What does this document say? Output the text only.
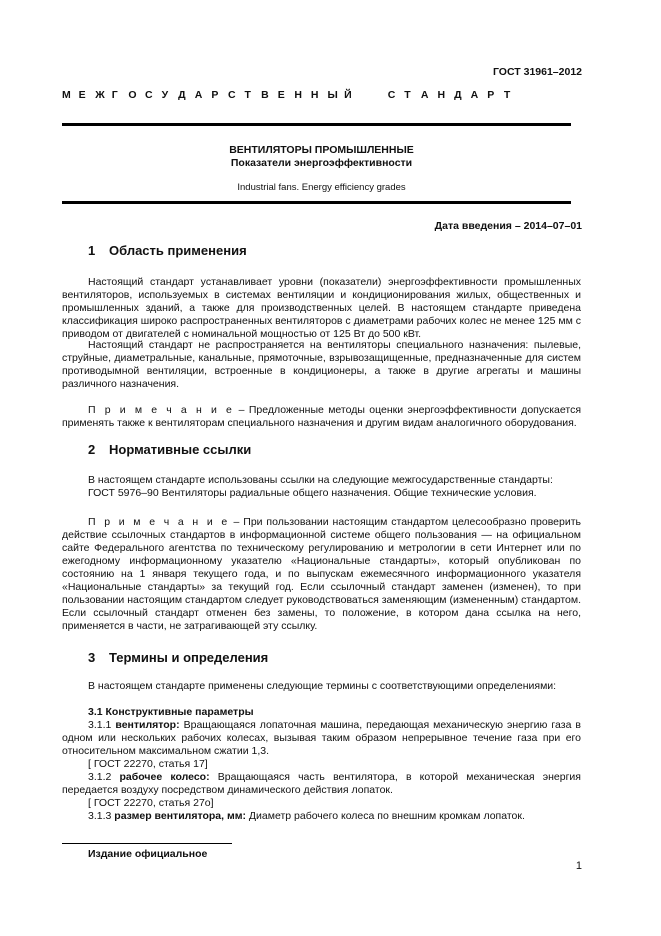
ГОСТ 31961–2012
М Е Ж Г О С У Д А Р С Т В Е Н Н Ы Й	С Т А Н Д А Р Т
ВЕНТИЛЯТОРЫ ПРОМЫШЛЕННЫЕ
Показатели энергоэффективности
Industrial fans. Energy efficiency grades
Дата введения – 2014–07–01
1 Область применения
Настоящий стандарт устанавливает уровни (показатели) энергоэффективности промышленных вентиляторов, используемых в системах вентиляции и кондиционирования жилых, общественных и промышленных зданий, а также для производственных целей. В настоящем стандарте приведена классификация широко распространенных вентиляторов с диаметрами рабочих колес не менее 125 мм с приводом от двигателей с номинальной мощностью от 125 Вт до 500 кВт.
Настоящий стандарт не распространяется на вентиляторы специального назначения: пылевые, струйные, диаметральные, канальные, прямоточные, взрывозащищенные, предназначенные для систем противодымной вентиляции, встроенные в кондиционеры, а также в другие агрегаты и машины различного назначения.
П р и м е ч а н и е – Предложенные методы оценки энергоэффективности допускается применять также к вентиляторам специального назначения и другим видам аналогичного оборудования.
2 Нормативные ссылки
В настоящем стандарте использованы ссылки на следующие межгосударственные стандарты:
ГОСТ 5976–90 Вентиляторы радиальные общего назначения. Общие технические условия.
П р и м е ч а н и е – При пользовании настоящим стандартом целесообразно проверить действие ссылочных стандартов в информационной системе общего пользования — на официальном сайте Федерального агентства по техническому регулированию и метрологии в сети Интернет или по ежегодному информационному указателю «Национальные стандарты», который опубликован по состоянию на 1 января текущего года, и по выпускам ежемесячного информационного указателя «Национальные стандарты» за текущий год. Если ссылочный стандарт заменен (изменен), то при пользовании настоящим стандартом следует руководствоваться заменяющим (измененным) стандартом. Если ссылочный стандарт отменен без замены, то положение, в котором дана ссылка на него, применяется в части, не затрагивающей эту ссылку.
3 Термины и определения
В настоящем стандарте применены следующие термины с соответствующими определениями:
3.1 Конструктивные параметры
3.1.1 вентилятор: Вращающаяся лопаточная машина, передающая механическую энергию газа в одном или нескольких рабочих колесах, вызывая таким образом непрерывное течение газа при его относительном максимальном сжатии 1,3.
[ ГОСТ 22270, статья 17]
3.1.2 рабочее колесо: Вращающаяся часть вентилятора, в которой механическая энергия передается воздуху посредством динамического действия лопаток.
[ ГОСТ 22270, статья 27о]
3.1.3 размер вентилятора, мм: Диаметр рабочего колеса по внешним кромкам лопаток.
Издание официальное
1
